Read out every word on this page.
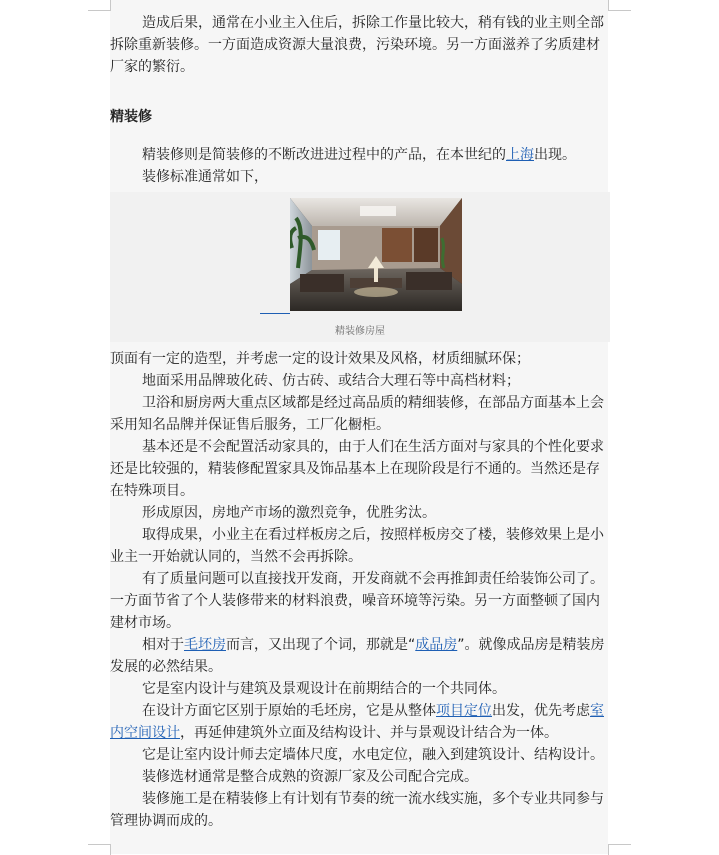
造成后果，通常在小业主入住后，拆除工作量比较大，稍有钱的业主则全部拆除重新装修。一方面造成资源大量浪费，污染环境。另一方面滋养了劣质建材厂家的繁衍。

精装修

精装修则是简装修的不断改进进过程中的产品，在本世纪的上海出现。

装修标准通常如下，

精装修房屋

顶面有一定的造型，并考虑一定的设计效果及风格，材质细腻环保；

地面采用品牌玻化砖、仿古砖、或结合大理石等中高档材料；

卫浴和厨房两大重点区域都是经过高品质的精细装修，在部品方面基本上会采用知名品牌并保证售后服务，工厂化橱柜。

基本还是不会配置活动家具的，由于人们在生活方面对与家具的个性化要求还是比较强的，精装修配置家具及饰品基本上在现阶段是行不通的。当然还是存在特殊项目。

形成原因，房地产市场的激烈竞争，优胜劣汰。

取得成果，小业主在看过样板房之后，按照样板房交了楼，装修效果上是小业主一开始就认同的，当然不会再拆除。

有了质量问题可以直接找开发商，开发商就不会再推卸责任给装饰公司了。一方面节省了个人装修带来的材料浪费，噪音环境等污染。另一方面整顿了国内建材市场。

相对于毛坯房而言，又出现了个词，那就是“成品房”。就像成品房是精装房发展的必然结果。

它是室内设计与建筑及景观设计在前期结合的一个共同体。

在设计方面它区别于原始的毛坯房，它是从整体项目定位出发，优先考虑室内空间设计，再延伸建筑外立面及结构设计、并与景观设计结合为一体。

它是让室内设计师去定墙体尺度，水电定位，融入到建筑设计、结构设计。

装修选材通常是整合成熟的资源厂家及公司配合完成。

装修施工是在精装修上有计划有节奏的统一流水线实施，多个专业共同参与管理协调而成的。
